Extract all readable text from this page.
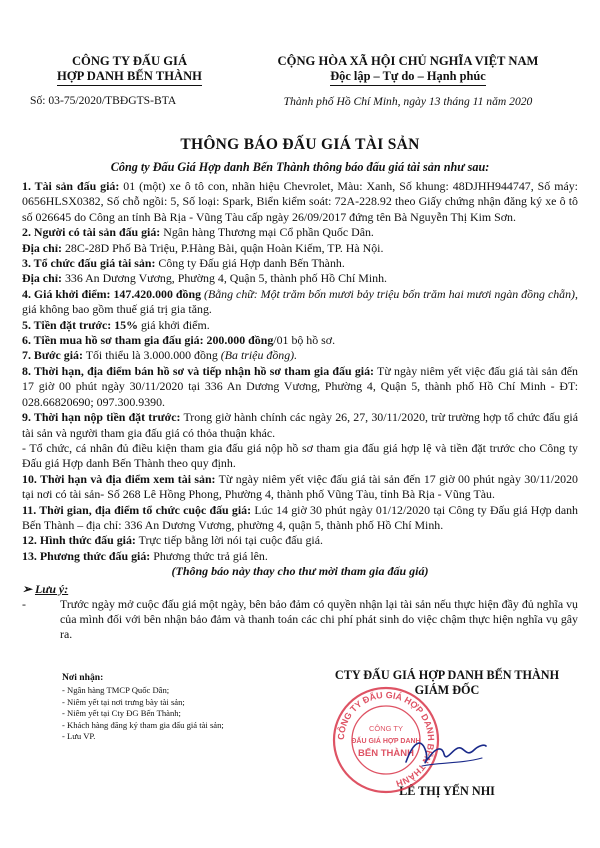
CÔNG TY ĐẤU GIÁ
HỢP DANH BẾN THÀNH
Số: 03-75/2020/TBĐGTS-BTA
CỘNG HÒA XÃ HỘI CHỦ NGHĨA VIỆT NAM
Độc lập – Tự do – Hạnh phúc
Thành phố Hồ Chí Minh, ngày 13 tháng 11 năm 2020
THÔNG BÁO ĐẤU GIÁ TÀI SẢN
Công ty Đấu Giá Hợp danh Bến Thành thông báo đấu giá tài sản như sau:

1. Tài sản đấu giá: 01 (một) xe ô tô con, nhãn hiệu Chevrolet, Màu: Xanh, Số khung: 48DJHH944747, Số máy: 0656HLSX0382, Số chỗ ngồi: 5, Số loại: Spark, Biển kiểm soát: 72A-228.92 theo Giấy chứng nhận đăng ký xe ô tô số 026645 do Công an tỉnh Bà Rịa - Vũng Tàu cấp ngày 26/09/2017 đứng tên Bà Nguyễn Thị Kim Sơn.

2. Người có tài sản đấu giá: Ngân hàng Thương mại Cổ phần Quốc Dân.

Địa chỉ: 28C-28D Phố Bà Triệu, P.Hàng Bài, quận Hoàn Kiếm, TP. Hà Nội.

3. Tổ chức đấu giá tài sản: Công ty Đấu giá Hợp danh Bến Thành.

Địa chỉ: 336 An Dương Vương, Phường 4, Quận 5, thành phố Hồ Chí Minh.

4. Giá khởi điểm: 147.420.000 đồng (Bằng chữ: Một trăm bốn mươi bảy triệu bốn trăm hai mươi ngàn đồng chẵn), giá không bao gồm thuế giá trị gia tăng.

5. Tiền đặt trước: 15% giá khởi điểm.

6. Tiền mua hồ sơ tham gia đấu giá: 200.000 đồng/01 bộ hồ sơ.

7. Bước giá: Tối thiểu là 3.000.000 đồng (Ba triệu đồng).

8. Thời hạn, địa điểm bán hồ sơ và tiếp nhận hồ sơ tham gia đấu giá: Từ ngày niêm yết việc đấu giá tài sản đến 17 giờ 00 phút ngày 30/11/2020 tại 336 An Dương Vương, Phường 4, Quận 5, thành phố Hồ Chí Minh - ĐT: 028.66820690; 097.300.9390.

9. Thời hạn nộp tiền đặt trước: Trong giờ hành chính các ngày 26, 27, 30/11/2020, trừ trường hợp tổ chức đấu giá tài sản và người tham gia đấu giá có thỏa thuận khác.

- Tổ chức, cá nhân đủ điều kiện tham gia đấu giá nộp hồ sơ tham gia đấu giá hợp lệ và tiền đặt trước cho Công ty Đấu giá Hợp danh Bến Thành theo quy định.

10. Thời hạn và địa điểm xem tài sản: Từ ngày niêm yết việc đấu giá tài sản đến 17 giờ 00 phút ngày 30/11/2020 tại nơi có tài sản- Số 268 Lê Hồng Phong, Phường 4, thành phố Vũng Tàu, tỉnh Bà Rịa - Vũng Tàu.

11. Thời gian, địa điểm tổ chức cuộc đấu giá: Lúc 14 giờ 30 phút ngày 01/12/2020 tại Công ty Đấu giá Hợp danh Bến Thành – địa chỉ: 336 An Dương Vương, phường 4, quận 5, thành phố Hồ Chí Minh.

12. Hình thức đấu giá: Trực tiếp bằng lời nói tại cuộc đấu giá.

13. Phương thức đấu giá: Phương thức trả giá lên.

(Thông báo này thay cho thư mời tham gia đấu giá)

➢ Lưu ý:
-	Trước ngày mở cuộc đấu giá một ngày, bên bảo đảm có quyền nhận lại tài sản nếu thực hiện đầy đủ nghĩa vụ của mình đối với bên nhận bảo đảm và thanh toán các chi phí phát sinh do việc chậm thực hiện nghĩa vụ gây ra.
Nơi nhận:
- Ngân hàng TMCP Quốc Dân;
- Niêm yết tại nơi trưng bày tài sản;
- Niêm yết tại Cty ĐG Bến Thành;
- Khách hàng đăng ký tham gia đấu giá tài sản;
- Lưu VP.
CTY ĐẤU GIÁ HỢP DANH BẾN THÀNH
GIÁM ĐỐC
LÊ THỊ YẾN NHI
CÔNG TY ĐẤU GIÁ HỢP DANH BẾN THÀNH
CÔNG TY
ĐẤU GIÁ HỢP DANH
BẾN THÀNH
